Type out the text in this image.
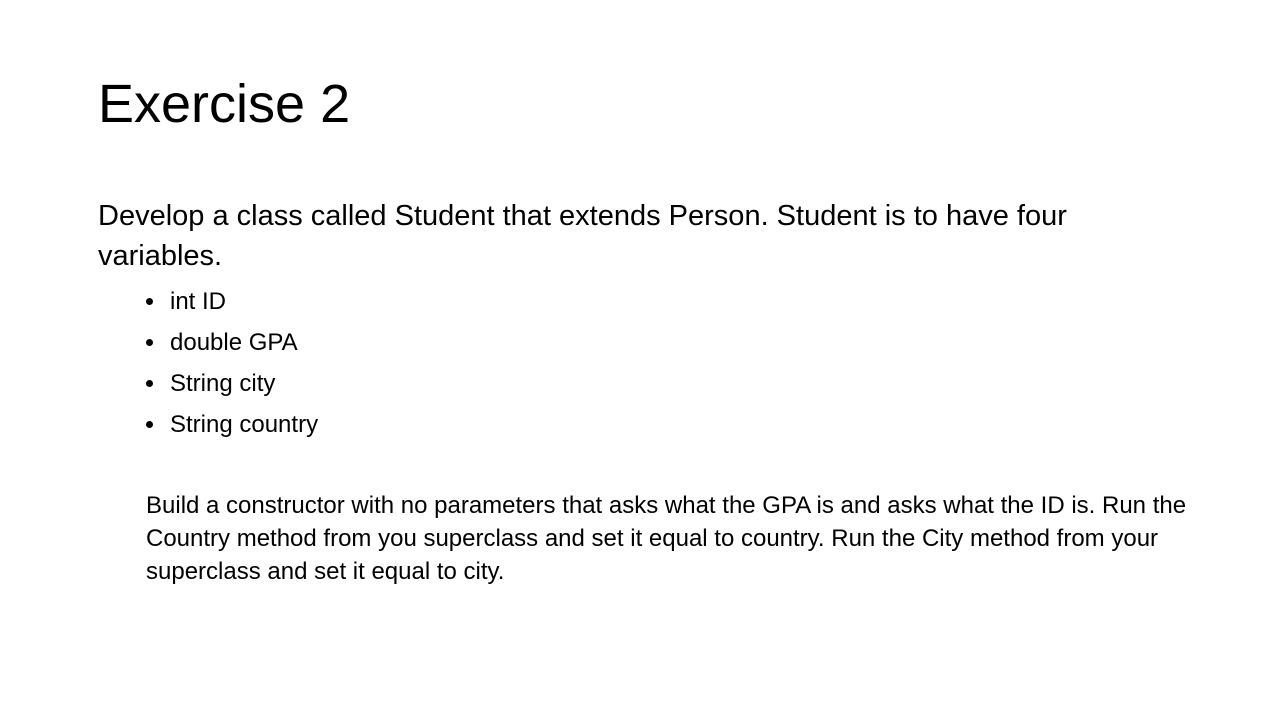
Exercise 2

Develop a class called Student that extends Person. Student is to have four variables.

int ID
double GPA
String city
String country

Build a constructor with no parameters that asks what the GPA is and asks what the ID is. Run the Country method from you superclass and set it equal to country. Run the City method from your superclass and set it equal to city.
